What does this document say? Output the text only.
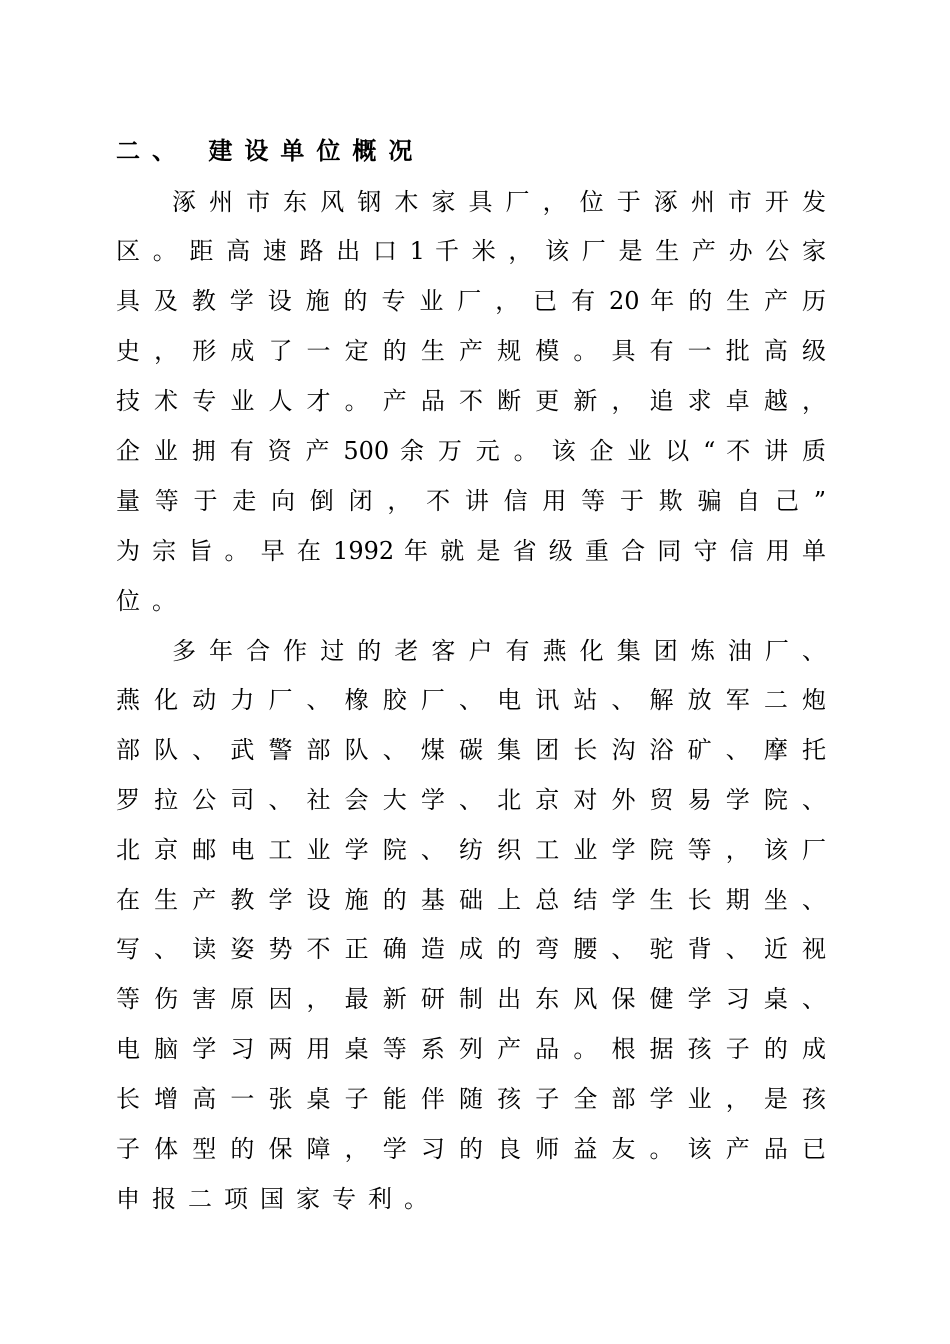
二、 建设单位概况
涿 州 市 东 风 钢 木 家 具 厂 ， 位 于 涿 州 市 开 发
区 。 距 高 速 路 出 口 1 千 米 ， 该 厂 是 生 产 办 公 家
具 及 教 学 设 施 的 专 业 厂 ， 已 有 20 年 的 生 产 历
史 ， 形 成 了 一 定 的 生 产 规 模 。 具 有 一 批 高 级
技 术 专 业 人 才 。 产 品 不 断 更 新 ， 追 求 卓 越 ，
企 业 拥 有 资 产 500 余 万 元 。 该 企 业 以 “ 不 讲 质
量 等 于 走 向 倒 闭 ， 不 讲 信 用 等 于 欺 骗 自 己 ”
为 宗 旨 。 早 在 1992 年 就 是 省 级 重 合 同 守 信 用 单
位。
多 年 合 作 过 的 老 客 户 有 燕 化 集 团 炼 油 厂 、
燕 化 动 力 厂 、 橡 胶 厂 、 电 讯 站 、 解 放 军 二 炮
部 队 、 武 警 部 队 、 煤 碳 集 团 长 沟 浴 矿 、 摩 托
罗 拉 公 司 、 社 会 大 学 、 北 京 对 外 贸 易 学 院 、
北 京 邮 电 工 业 学 院 、 纺 织 工 业 学 院 等 ， 该 厂
在 生 产 教 学 设 施 的 基 础 上 总 结 学 生 长 期 坐 、
写 、 读 姿 势 不 正 确 造 成 的 弯 腰 、 驼 背 、 近 视
等 伤 害 原 因 ， 最 新 研 制 出 东 风 保 健 学 习 桌 、
电 脑 学 习 两 用 桌 等 系 列 产 品 。 根 据 孩 子 的 成
长 增 高 一 张 桌 子 能 伴 随 孩 子 全 部 学 业 ， 是 孩
子 体 型 的 保 障 ， 学 习 的 良 师 益 友 。 该 产 品 已
申报二项国家专利。
